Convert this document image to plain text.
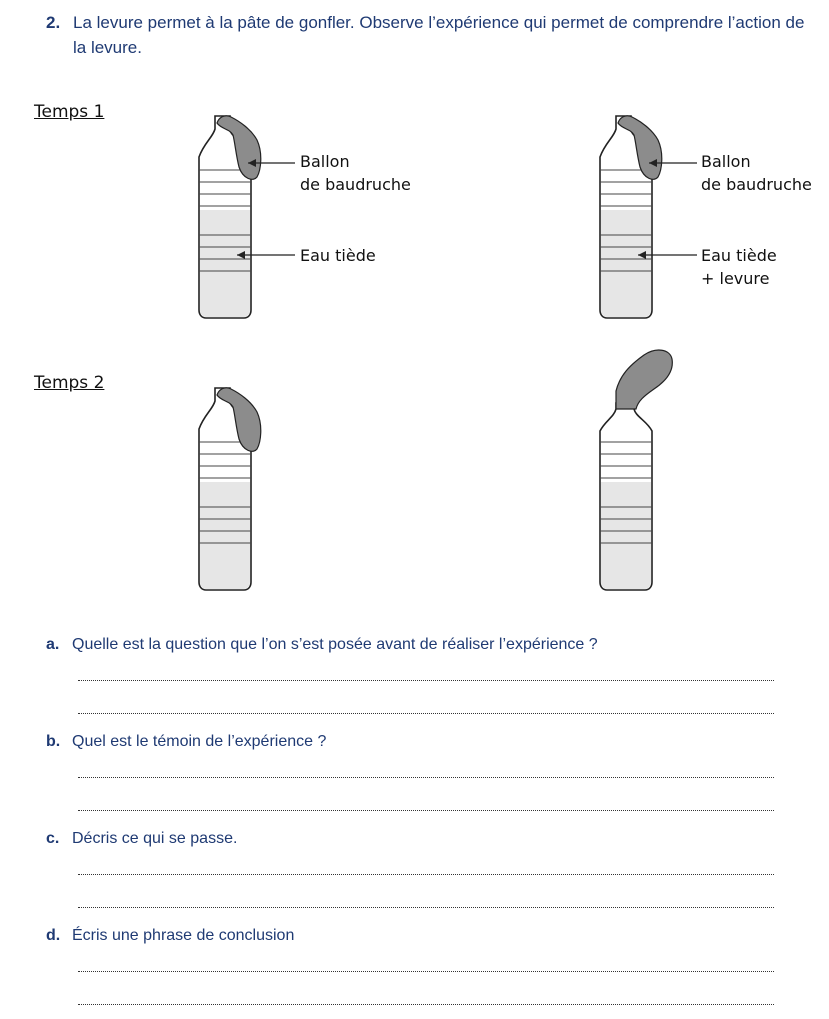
2. La levure permet à la pâte de gonfler. Observe l’expérience qui permet de comprendre l’action de la levure.
Temps 1
Temps 2
Ballon
de baudruche
Eau tiède
Ballon
de baudruche
Eau tiède
+ levure
a. Quelle est la question que l’on s’est posée avant de réaliser l’expérience ?
b. Quel est le témoin de l’expérience ?
c. Décris ce qui se passe.
d. Écris une phrase de conclusion
